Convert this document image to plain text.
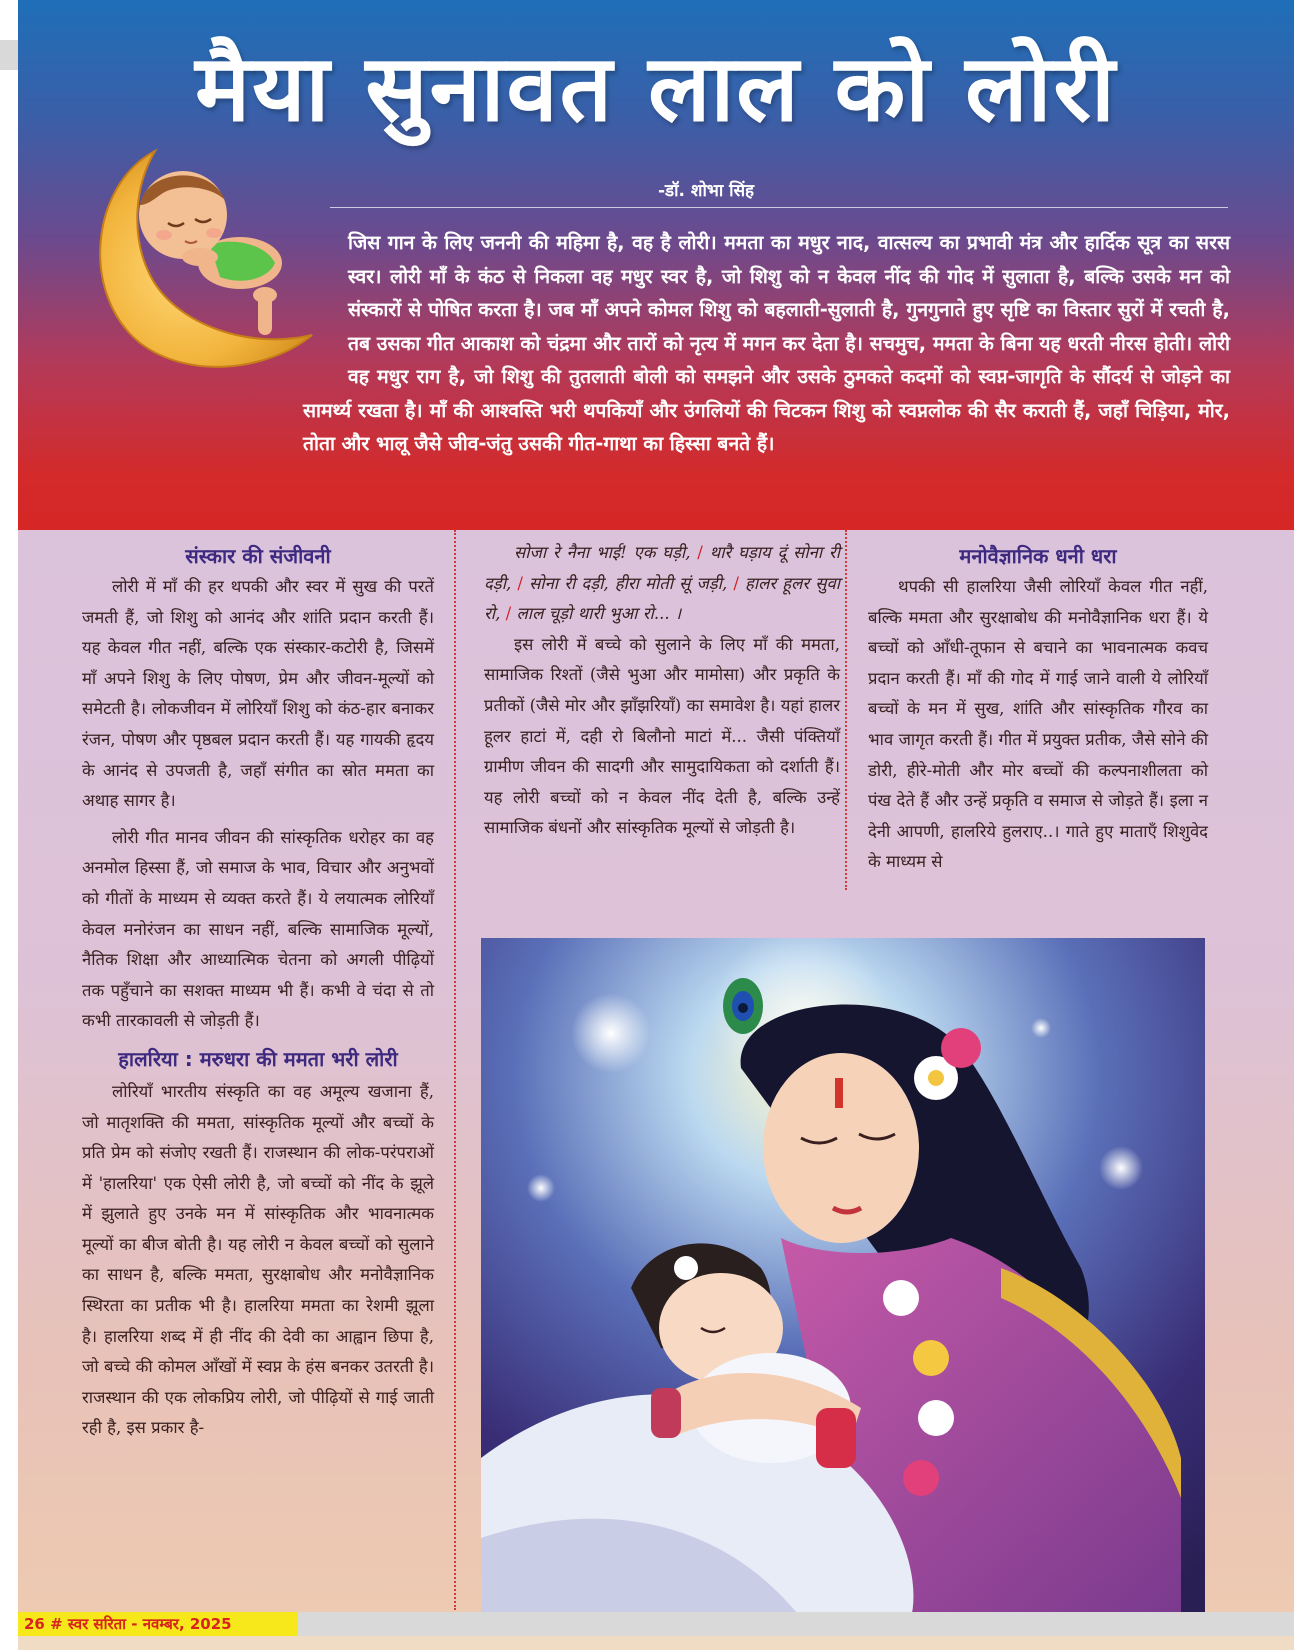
मैया सुनावत लाल को लोरी
-डॉ. शोभा सिंह
जिस गान के लिए जननी की महिमा है, वह है लोरी। ममता का मधुर नाद, वात्सल्य का प्रभावी मंत्र और हार्दिक सूत्र का सरस स्वर। लोरी माँ के कंठ से निकला वह मधुर स्वर है, जो शिशु को न केवल नींद की गोद में सुलाता है, बल्कि उसके मन को संस्कारों से पोषित करता है। जब माँ अपने कोमल शिशु को बहलाती-सुलाती है, गुनगुनाते हुए सृष्टि का विस्तार सुरों में रचती है, तब उसका गीत आकाश को चंद्रमा और तारों को नृत्य में मगन कर देता है। सचमुच, ममता के बिना यह धरती नीरस होती। लोरी वह मधुर राग है, जो शिशु की तुतलाती बोली को समझने और उसके ठुमकते कदमों को स्वप्न-जागृति के सौंदर्य से जोड़ने का सामर्थ्य रखता है। माँ की आश्वस्ति भरी थपकियाँ और उंगलियों की चिटकन शिशु को स्वप्नलोक की सैर कराती हैं, जहाँ चिड़िया, मोर, तोता और भालू जैसे जीव-जंतु उसकी गीत-गाथा का हिस्सा बनते हैं।
संस्कार की संजीवनी

लोरी में माँ की हर थपकी और स्वर में सुख की परतें जमती हैं, जो शिशु को आनंद और शांति प्रदान करती हैं। यह केवल गीत नहीं, बल्कि एक संस्कार-कटोरी है, जिसमें माँ अपने शिशु के लिए पोषण, प्रेम और जीवन-मूल्यों को समेटती है। लोकजीवन में लोरियाँ शिशु को कंठ-हार बनाकर रंजन, पोषण और पृष्ठबल प्रदान करती हैं। यह गायकी हृदय के आनंद से उपजती है, जहाँ संगीत का स्रोत ममता का अथाह सागर है।

लोरी गीत मानव जीवन की सांस्कृतिक धरोहर का वह अनमोल हिस्सा हैं, जो समाज के भाव, विचार और अनुभवों को गीतों के माध्यम से व्यक्त करते हैं। ये लयात्मक लोरियाँ केवल मनोरंजन का साधन नहीं, बल्कि सामाजिक मूल्यों, नैतिक शिक्षा और आध्यात्मिक चेतना को अगली पीढ़ियों तक पहुँचाने का सशक्त माध्यम भी हैं। कभी वे चंदा से तो कभी तारकावली से जोड़ती हैं।

हालरिया : मरुधरा की ममता भरी लोरी

लोरियाँ भारतीय संस्कृति का वह अमूल्य खजाना हैं, जो मातृशक्ति की ममता, सांस्कृतिक मूल्यों और बच्चों के प्रति प्रेम को संजोए रखती हैं। राजस्थान की लोक-परंपराओं में 'हालरिया' एक ऐसी लोरी है, जो बच्चों को नींद के झूले में झुलाते हुए उनके मन में सांस्कृतिक और भावनात्मक मूल्यों का बीज बोती है। यह लोरी न केवल बच्चों को सुलाने का साधन है, बल्कि ममता, सुरक्षाबोध और मनोवैज्ञानिक स्थिरता का प्रतीक भी है। हालरिया ममता का रेशमी झूला है। हालरिया शब्द में ही नींद की देवी का आह्वान छिपा है, जो बच्चे की कोमल आँखों में स्वप्न के हंस बनकर उतरती है। राजस्थान की एक लोकप्रिय लोरी, जो पीढ़ियों से गाई जाती रही है, इस प्रकार है-

सोजा रे नैना भाई! एक घड़ी, / थारै घड़ाय दूं सोना री दड़ी, / सोना री दड़ी, हीरा मोती सूं जड़ी, / हालर हूलर सुवा रो, / लाल चूड़ो थारी भुआ रो... ।

इस लोरी में बच्चे को सुलाने के लिए माँ की ममता, सामाजिक रिश्तों (जैसे भुआ और मामोसा) और प्रकृति के प्रतीकों (जैसे मोर और झाँझरियाँ) का समावेश है। यहां हालर हूलर हाटां में, दही रो बिलौनो माटां में... जैसी पंक्तियाँ ग्रामीण जीवन की सादगी और सामुदायिकता को दर्शाती हैं। यह लोरी बच्चों को न केवल नींद देती है, बल्कि उन्हें सामाजिक बंधनों और सांस्कृतिक मूल्यों से जोड़ती है।

मनोवैज्ञानिक धनी धरा

थपकी सी हालरिया जैसी लोरियाँ केवल गीत नहीं, बल्कि ममता और सुरक्षाबोध की मनोवैज्ञानिक धरा हैं। ये बच्चों को आँधी-तूफान से बचाने का भावनात्मक कवच प्रदान करती हैं। माँ की गोद में गाई जाने वाली ये लोरियाँ बच्चों के मन में सुख, शांति और सांस्कृतिक गौरव का भाव जागृत करती हैं। गीत में प्रयुक्त प्रतीक, जैसे सोने की डोरी, हीरे-मोती और मोर बच्चों की कल्पनाशीलता को पंख देते हैं और उन्हें प्रकृति व समाज से जोड़ते हैं। इला न देनी आपणी, हालरिये हुलराए..। गाते हुए माताएँ शिशुवेद के माध्यम से

26 # स्वर सरिता - नवम्बर, 2025
